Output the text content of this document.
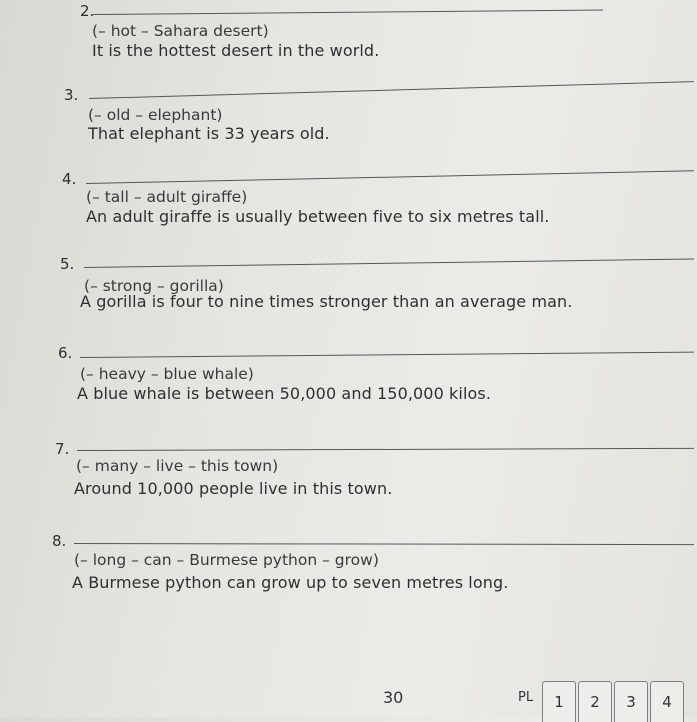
2.
(– hot – Sahara desert)
It is the hottest desert in the world.
3.
(– old – elephant)
That elephant is 33 years old.
4.
(– tall – adult giraffe)
An adult giraffe is usually between five to six metres tall.
5.
(– strong – gorilla)
A gorilla is four to nine times stronger than an average man.
6.
(– heavy – blue whale)
A blue whale is between 50,000 and 150,000 kilos.
7.
(– many – live – this town)
Around 10,000 people live in this town.
8.
(– long – can – Burmese python – grow)
A Burmese python can grow up to seven metres long.
30	PL	1	2	3	4
